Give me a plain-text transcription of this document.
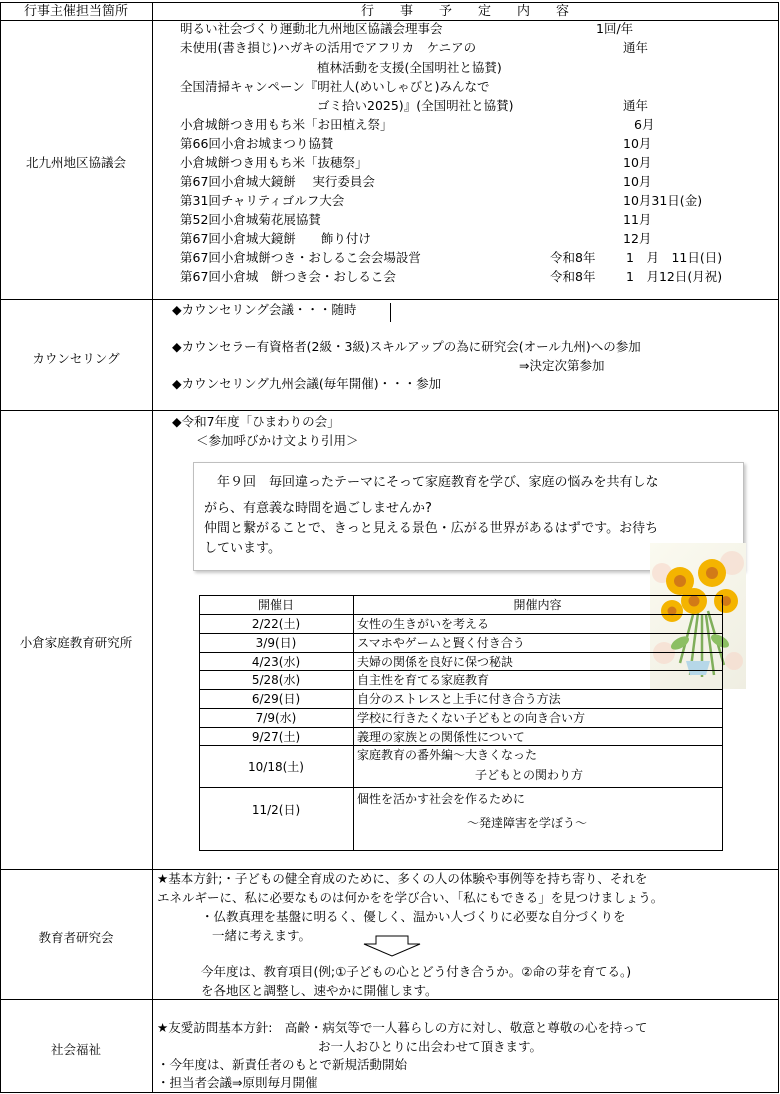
行事主催担当箇所	行　　事　　予　　定　　内　　容
北九州地区協議会
明るい社会づくり運動北九州地区協議会理事会	1回/年
未使用(書き損じ)ハガキの活用でアフリカ　ケニアの	通年
植林活動を支援(全国明社と協賛)
全国清掃キャンペーン『明社人(めいしゃびと)みんなで
ゴミ拾い2025)』(全国明社と協賛)	通年
小倉城餅つき用もち米「お田植え祭」	6月
第66回小倉お城まつり協賛	10月
小倉城餅つき用もち米「抜穂祭」	10月
第67回小倉城大鏡餅　 実行委員会	10月
第31回チャリティゴルフ大会	10月31日(金)
第52回小倉城菊花展協賛	11月
第67回小倉城大鏡餅　　飾り付け	12月
第67回小倉城餅つき・おしるこ会会場設営	令和8年 1　月　11日(日)
第67回小倉城　餅つき会・おしるこ会	令和8年 1　月12日(月祝)
カウンセリング
◆カウンセリング会議・・・随時
◆カウンセラー有資格者(2級・3級)スキルアップの為に研究会(オール九州)への参加
⇒決定次第参加
◆カウンセリング九州会議(毎年開催)・・・参加
小倉家庭教育研究所
◆令和7年度「ひまわりの会」
＜参加呼びかけ文より引用＞

　年９回　毎回違ったテーマにそって家庭教育を学び、家庭の悩みを共有しな

がら、有意義な時間を過ごしませんか?

仲間と繋がることで、きっと見える景色・広がる世界があるはずです。お待ち

しています。

開催日	開催内容
2/22(土)	女性の生きがいを考える
3/9(日)	スマホやゲームと賢く付き合う
4/23(水)	夫婦の関係を良好に保つ秘訣
5/28(水)	自主性を育てる家庭教育
6/29(日)	自分のストレスと上手に付き合う方法
7/9(水)	学校に行きたくない子どもとの向き合い方
9/27(土)	義理の家族との関係性について
10/18(土)
家庭教育の番外編～大きくなった
子どもとの関わり方
11/2(日)
個性を活かす社会を作るために
～発達障害を学ぼう～
教育者研究会
★基本方針;・子どもの健全育成のために、多くの人の体験や事例等を持ち寄り、それを
エネルギーに、私に必要なものは何かをを学び合い、「私にもできる」を見つけましょう。
・仏教真理を基盤に明るく、優しく、温かい人づくりに必要な自分づくりを
一緒に考えます。
今年度は、教育項目(例;①子どもの心とどう付き合うか。②命の芽を育てる。)
を各地区と調整し、速やかに開催します。
社会福祉
★友愛訪問基本方針:　高齢・病気等で一人暮らしの方に対し、敬意と尊敬の心を持って
お一人おひとりに出会わせて頂きます。
・今年度は、新責任者のもとで新規活動開始
・担当者会議⇒原則毎月開催
